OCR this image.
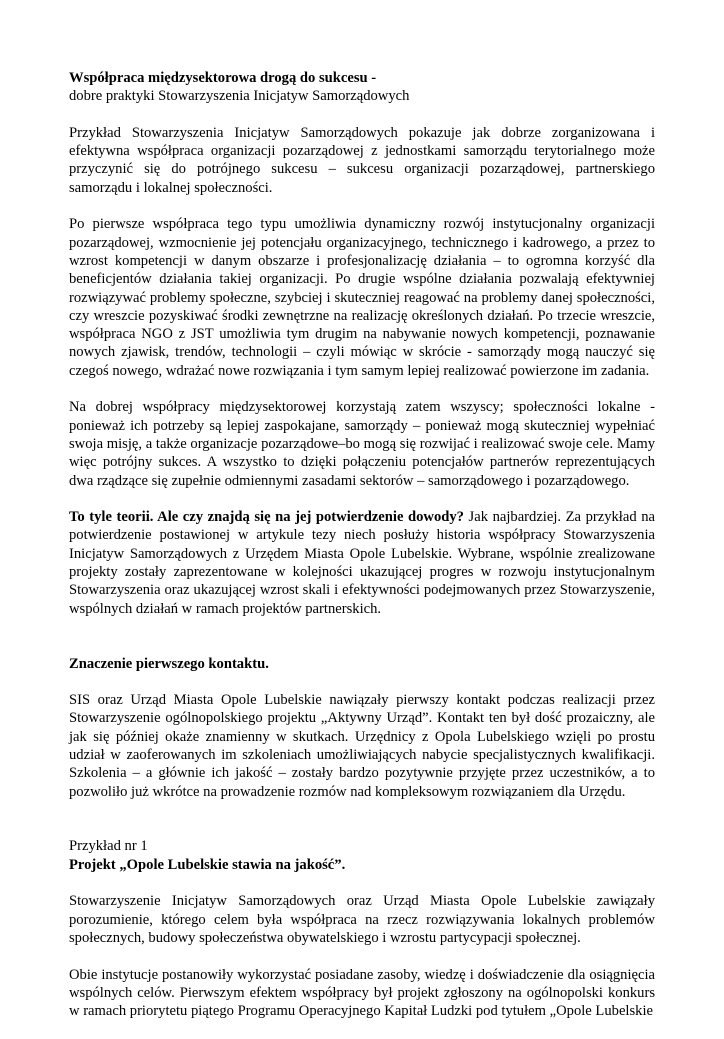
Współpraca międzysektorowa drogą do sukcesu -
dobre praktyki Stowarzyszenia Inicjatyw Samorządowych

Przykład Stowarzyszenia Inicjatyw Samorządowych pokazuje jak dobrze zorganizowana i efektywna współpraca organizacji pozarządowej z jednostkami samorządu terytorialnego może przyczynić się do potrójnego sukcesu – sukcesu organizacji pozarządowej, partnerskiego samorządu i lokalnej społeczności.

Po pierwsze współpraca tego typu umożliwia dynamiczny rozwój instytucjonalny organizacji pozarządowej, wzmocnienie jej potencjału organizacyjnego, technicznego i kadrowego, a przez to wzrost kompetencji w danym obszarze i profesjonalizację działania – to ogromna korzyść dla beneficjentów działania takiej organizacji. Po drugie wspólne działania pozwalają efektywniej rozwiązywać problemy społeczne, szybciej i skuteczniej reagować na problemy danej społeczności, czy wreszcie pozyskiwać środki zewnętrzne na realizację określonych działań. Po trzecie wreszcie, współpraca NGO z JST umożliwia tym drugim na nabywanie nowych kompetencji, poznawanie nowych zjawisk, trendów, technologii – czyli mówiąc w skrócie - samorządy mogą nauczyć się czegoś nowego, wdrażać nowe rozwiązania i tym samym lepiej realizować powierzone im zadania.

Na dobrej współpracy międzysektorowej korzystają zatem wszyscy; społeczności lokalne - ponieważ ich potrzeby są lepiej zaspokajane, samorządy – ponieważ mogą skuteczniej wypełniać swoja misję, a także organizacje pozarządowe–bo mogą się rozwijać i realizować swoje cele. Mamy więc potrójny sukces. A wszystko to dzięki połączeniu potencjałów partnerów reprezentujących dwa rządzące się zupełnie odmiennymi zasadami sektorów – samorządowego i pozarządowego.

To tyle teorii. Ale czy znajdą się na jej potwierdzenie dowody? Jak najbardziej. Za przykład na potwierdzenie postawionej w artykule tezy niech posłuży historia współpracy Stowarzyszenia Inicjatyw Samorządowych z Urzędem Miasta Opole Lubelskie. Wybrane, wspólnie zrealizowane projekty zostały zaprezentowane w kolejności ukazującej progres w rozwoju instytucjonalnym Stowarzyszenia oraz ukazującej wzrost skali i efektywności podejmowanych przez Stowarzyszenie, wspólnych działań w ramach projektów partnerskich.

Znaczenie pierwszego kontaktu.

SIS oraz Urząd Miasta Opole Lubelskie nawiązały pierwszy kontakt podczas realizacji przez Stowarzyszenie ogólnopolskiego projektu „Aktywny Urząd”. Kontakt ten był dość prozaiczny, ale jak się później okaże znamienny w skutkach. Urzędnicy z Opola Lubelskiego wzięli po prostu udział w zaoferowanych im szkoleniach umożliwiających nabycie specjalistycznych kwalifikacji. Szkolenia – a głównie ich jakość – zostały bardzo pozytywnie przyjęte przez uczestników, a to pozwoliło już wkrótce na prowadzenie rozmów nad kompleksowym rozwiązaniem dla Urzędu.

Przykład nr 1
Projekt „Opole Lubelskie stawia na jakość”.

Stowarzyszenie Inicjatyw Samorządowych oraz Urząd Miasta Opole Lubelskie zawiązały porozumienie, którego celem była współpraca na rzecz rozwiązywania lokalnych problemów społecznych, budowy społeczeństwa obywatelskiego i wzrostu partycypacji społecznej.

Obie instytucje postanowiły wykorzystać posiadane zasoby, wiedzę i doświadczenie dla osiągnięcia wspólnych celów. Pierwszym efektem współpracy był projekt zgłoszony na ogólnopolski konkurs w ramach priorytetu piątego Programu Operacyjnego Kapitał Ludzki pod tytułem „Opole Lubelskie
